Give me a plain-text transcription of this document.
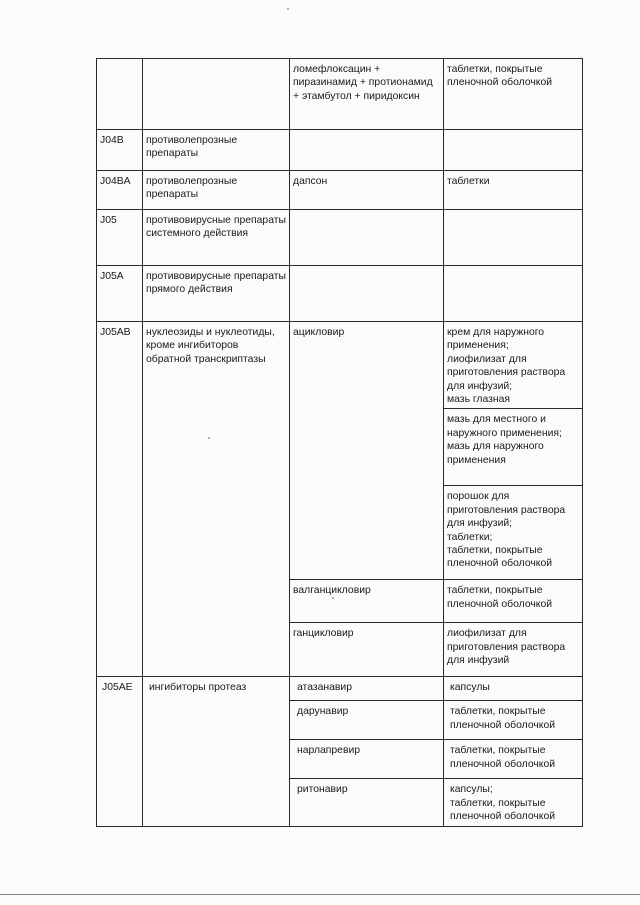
		ломефлоксацин + пиразинамид + протионамид + этамбутол + пиридоксин	таблетки, покрытые пленочной оболочкой

J04B	противолепрозные препараты		
J04BA	противолепрозные препараты	дапсон	таблетки

J05	противовирусные препараты системного действия		
J05A	противовирусные препараты прямого действия		
J05AB	нуклеозиды и нуклеотиды, кроме ингибиторов обратной транскриптазы	ацикловир	крем для наружного применения;
лиофилизат для приготовления раствора для инфузий;
мазь глазная

			мазь для местного и наружного применения;
мазь для наружного применения

			порошок для приготовления раствора для инфузий;
таблетки;
таблетки, покрытые пленочной оболочкой

		валганцикловир	таблетки, покрытые пленочной оболочкой

		ганцикловир	лиофилизат для приготовления раствора для инфузий

J05AE	ингибиторы протеаз	атазанавир	капсулы

		дарунавир	таблетки, покрытые пленочной оболочкой

		нарлапревир	таблетки, покрытые пленочной оболочкой

		ритонавир	капсулы;
таблетки, покрытые пленочной оболочкой
